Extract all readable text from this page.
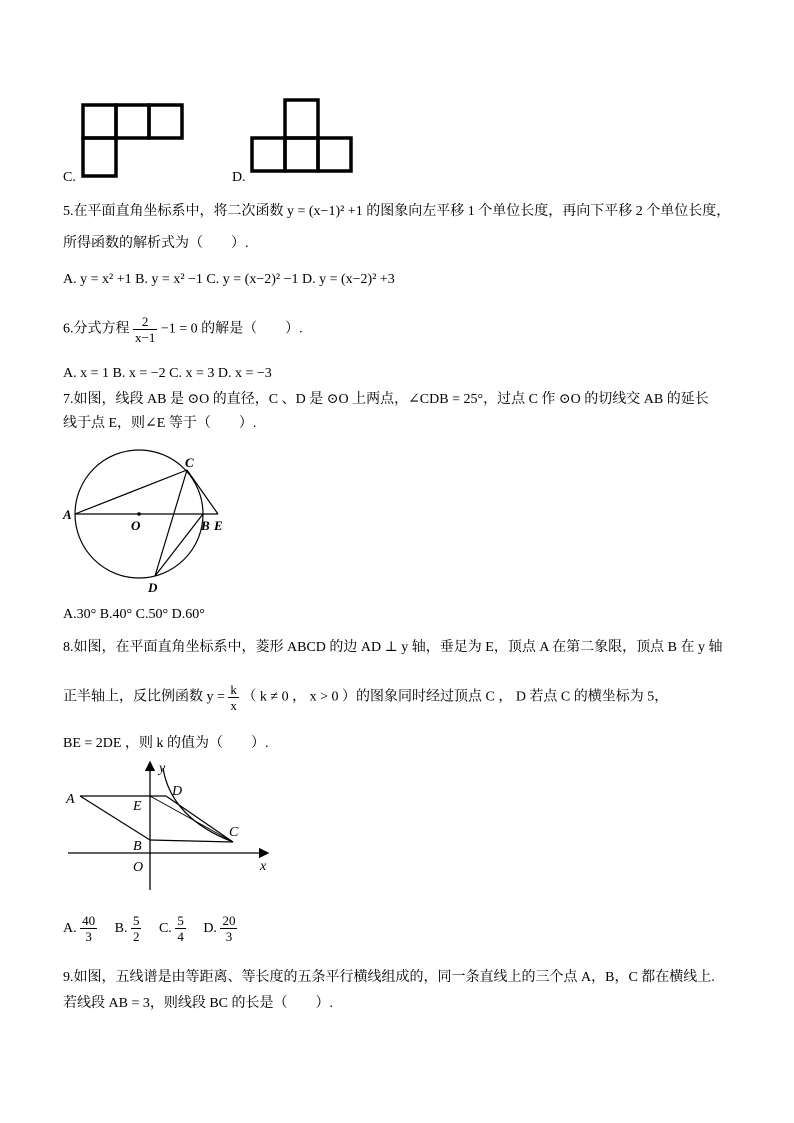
C.	D.
5.在平面直角坐标系中，将二次函数 y = (x−1)² +1 的图象向左平移 1 个单位长度，再向下平移 2 个单位长度，
所得函数的解析式为（　　）.
A. y = x² +1 B. y = x² −1 C. y = (x−2)² −1 D. y = (x−2)² +3
6.分式方程 $\frac{2}{x-1} -1 = 0$ 的解是（　　）.
A. x = 1 B. x = −2 C. x = 3 D. x = −3
7.如图，线段 AB 是 ⊙O 的直径，C 、D 是 ⊙O 上两点，∠CDB = 25°，过点 C 作 ⊙O 的切线交 AB 的延长
线于点 E，则∠E 等于（　　）.
A
O	B E
C
D
A.30° B.40° C.50° D.60°
8.如图，在平面直角坐标系中，菱形 ABCD 的边 AD ⊥ y 轴，垂足为 E，顶点 A 在第二象限，顶点 B 在 y 轴
正半轴上，反比例函数 $y = \frac{k}{x}$ （ k ≠ 0 ， x > 0 ）的图象同时经过顶点 C ， D 若点 C 的横坐标为 5，
BE = 2DE ，则 k 的值为（　　）.
y
x
A	E
D
B
O
C
A. $\frac{40}{3} B$. $\frac{5}{2} C$. $\frac{5}{4} D$. $\frac{20}{3}$
9.如图，五线谱是由等距离、等长度的五条平行横线组成的，同一条直线上的三个点 A，B，C 都在横线上.
若线段 AB = 3，则线段 BC 的长是（　　）.
